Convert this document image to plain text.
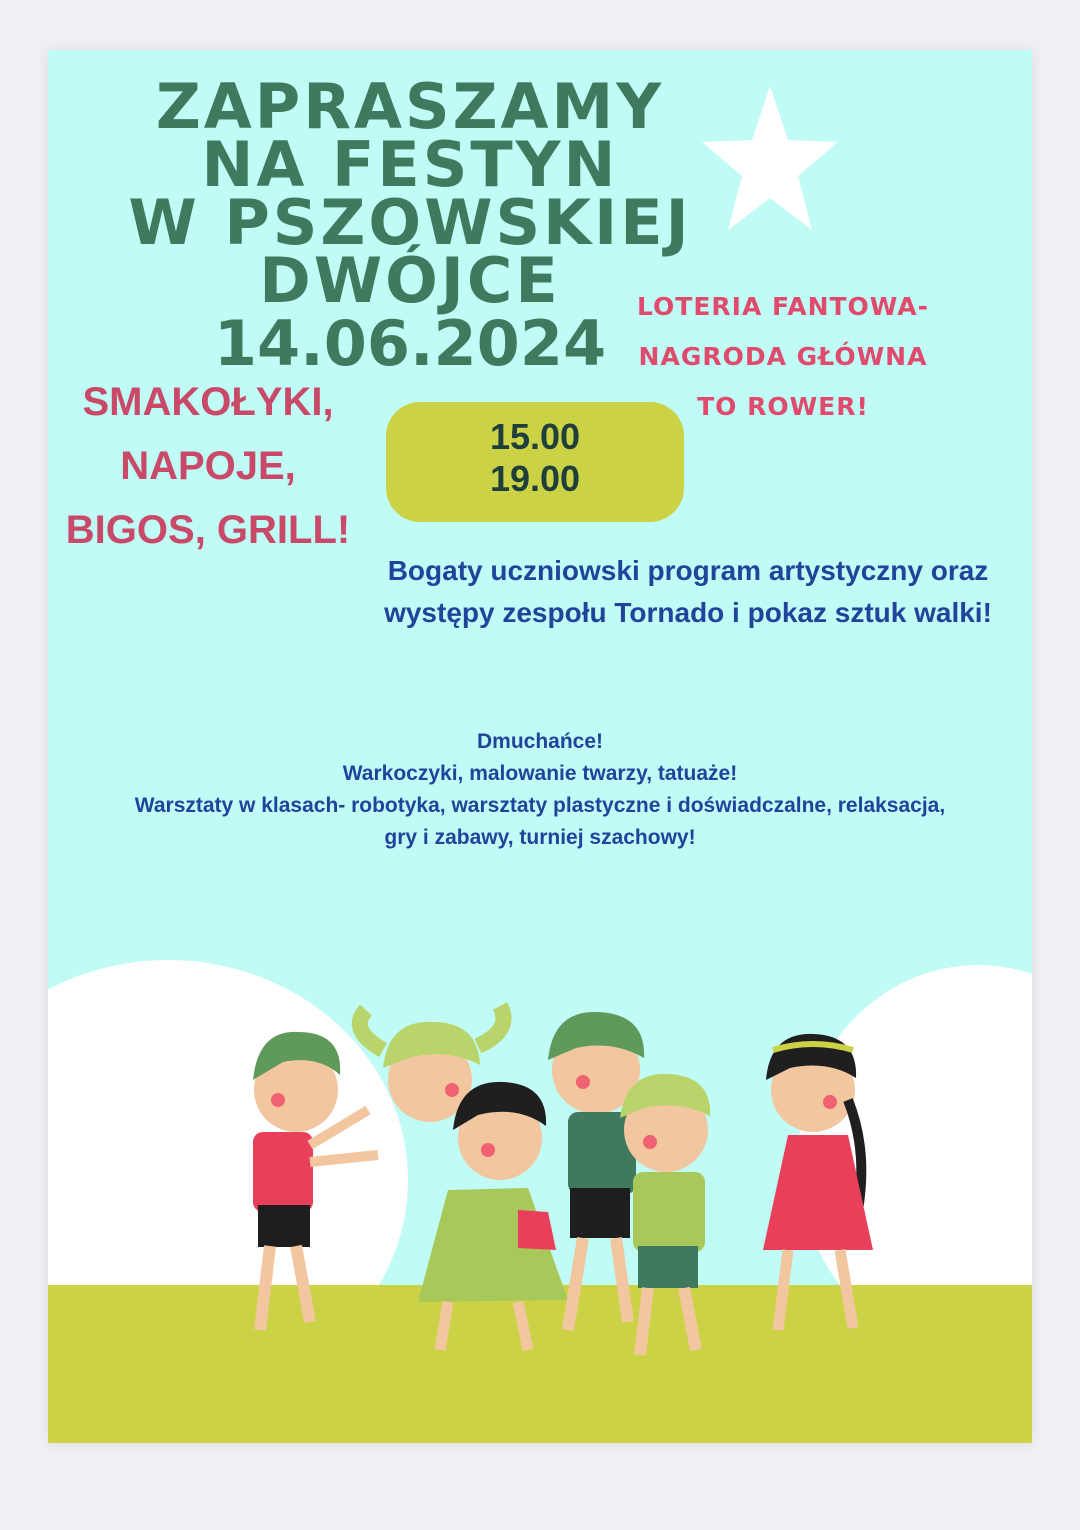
ZAPRASZAMY
NA FESTYN
W PSZOWSKIEJ
DWÓJCE
14.06.2024
LOTERIA FANTOWA-
NAGRODA GŁÓWNA
TO ROWER!
SMAKOŁYKI,
NAPOJE,
BIGOS, GRILL!
15.00
19.00
Bogaty uczniowski program artystyczny oraz występy zespołu Tornado i pokaz sztuk walki!
Dmuchańce!
Warkoczyki, malowanie twarzy, tatuaże!
Warsztaty w klasach- robotyka, warsztaty plastyczne i doświadczalne, relaksacja,
gry i zabawy, turniej szachowy!
